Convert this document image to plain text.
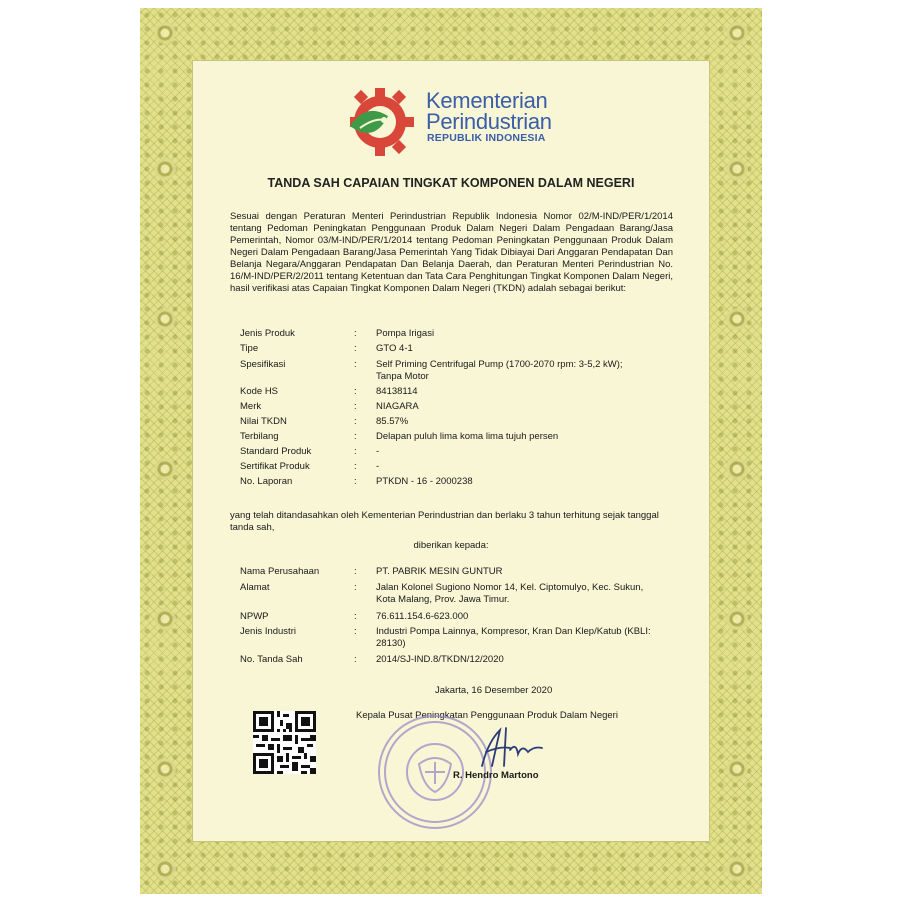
Kementerian
Perindustrian
REPUBLIK INDONESIA
TANDA SAH CAPAIAN TINGKAT KOMPONEN DALAM NEGERI
Sesuai dengan Peraturan Menteri Perindustrian Republik Indonesia Nomor 02/M-IND/PER/1/2014 tentang Pedoman Peningkatan Penggunaan Produk Dalam Negeri Dalam Pengadaan Barang/Jasa Pemerintah, Nomor 03/M-IND/PER/1/2014 tentang Pedoman Peningkatan Penggunaan Produk Dalam Negeri Dalam Pengadaan Barang/Jasa Pemerintah Yang Tidak Dibiayai Dari Anggaran Pendapatan Dan Belanja Negara/Anggaran Pendapatan Dan Belanja Daerah, dan Peraturan Menteri Perindustrian No. 16/M-IND/PER/2/2011 tentang Ketentuan dan Tata Cara Penghitungan Tingkat Komponen Dalam Negeri, hasil verifikasi atas Capaian Tingkat Komponen Dalam Negeri (TKDN) adalah sebagai berikut:
Jenis Produk	: Pompa Irigasi
Tipe	: GTO 4-1
Spesifikasi	: Self Priming Centrifugal Pump (1700-2070 rpm: 3-5,2 kW); Tanpa Motor
Kode HS	: 84138114
Merk	: NIAGARA
Nilai TKDN	: 85.57%
Terbilang	: Delapan puluh lima koma lima tujuh persen
Standard Produk	: -
Sertifikat Produk	: -
No. Laporan	: PTKDN - 16 - 2000238
yang telah ditandasahkan oleh Kementerian Perindustrian dan berlaku 3 tahun terhitung sejak tanggal tanda sah,
diberikan kepada:
Nama Perusahaan	: PT. PABRIK MESIN GUNTUR
Alamat	: Jalan Kolonel Sugiono Nomor 14, Kel. Ciptomulyo, Kec. Sukun, Kota Malang, Prov. Jawa Timur.
NPWP	: 76.611.154.6-623.000
Jenis Industri	: Industri Pompa Lainnya, Kompresor, Kran Dan Klep/Katub (KBLI: 28130)
No. Tanda Sah	: 2014/SJ-IND.8/TKDN/12/2020
Jakarta, 16 Desember 2020
Kepala Pusat Peningkatan Penggunaan Produk Dalam Negeri
R. Hendro Martono
